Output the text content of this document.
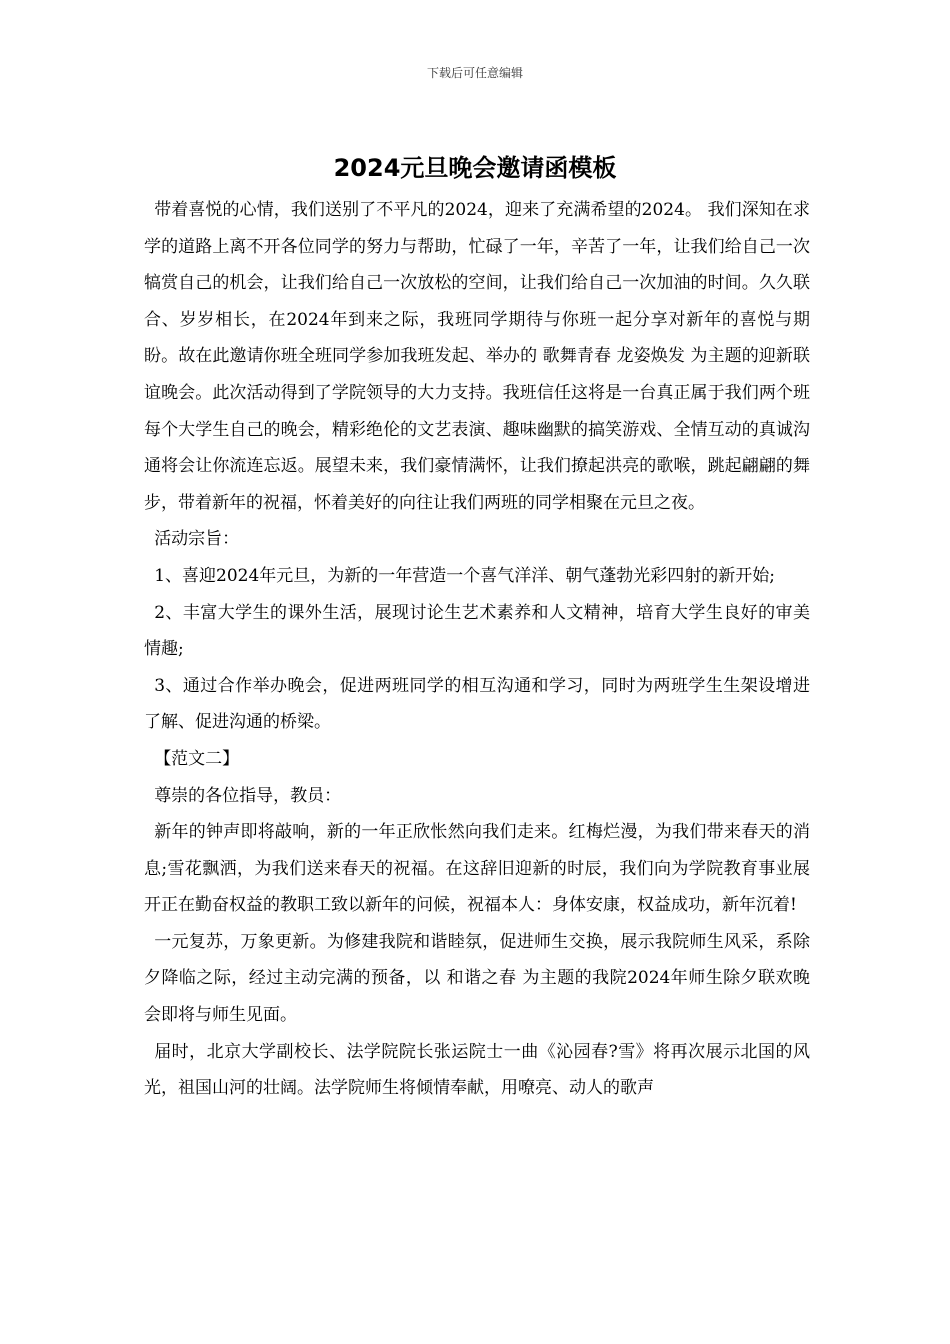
下载后可任意编辑
2024元旦晚会邀请函模板

带着喜悦的心情，我们送别了不平凡的2024，迎来了充满希望的2024。 我们深知在求学的道路上离不开各位同学的努力与帮助，忙碌了一年，辛苦了一年，让我们给自己一次犒赏自己的机会，让我们给自己一次放松的空间，让我们给自己一次加油的时间。久久联合、岁岁相长，在2024年到来之际，我班同学期待与你班一起分享对新年的喜悦与期盼。故在此邀请你班全班同学参加我班发起、举办的 歌舞青春 龙姿焕发 为主题的迎新联谊晚会。此次活动得到了学院领导的大力支持。我班信任这将是一台真正属于我们两个班每个大学生自己的晚会，精彩绝伦的文艺表演、趣味幽默的搞笑游戏、全情互动的真诚沟通将会让你流连忘返。展望未来，我们豪情满怀，让我们撩起洪亮的歌喉，跳起翩翩的舞步，带着新年的祝福，怀着美好的向往让我们两班的同学相聚在元旦之夜。

活动宗旨：

1、喜迎2024年元旦，为新的一年营造一个喜气洋洋、朝气蓬勃光彩四射的新开始;

2、丰富大学生的课外生活，展现讨论生艺术素养和人文精神，培育大学生良好的审美情趣;

3、通过合作举办晚会，促进两班同学的相互沟通和学习，同时为两班学生生架设增进了解、促进沟通的桥梁。

【范文二】

尊崇的各位指导，教员：

新年的钟声即将敲响，新的一年正欣怅然向我们走来。红梅烂漫，为我们带来春天的消息;雪花飘洒，为我们送来春天的祝福。在这辞旧迎新的时辰，我们向为学院教育事业展开正在勤奋权益的教职工致以新年的问候，祝福本人：身体安康，权益成功，新年沉着!

一元复苏，万象更新。为修建我院和谐睦氛，促进师生交换，展示我院师生风采，系除夕降临之际，经过主动完满的预备，以 和谐之春 为主题的我院2024年师生除夕联欢晚会即将与师生见面。

届时，北京大学副校长、法学院院长张运院士一曲《沁园春?雪》将再次展示北国的风光，祖国山河的壮阔。法学院师生将倾情奉献，用嘹亮、动人的歌声
